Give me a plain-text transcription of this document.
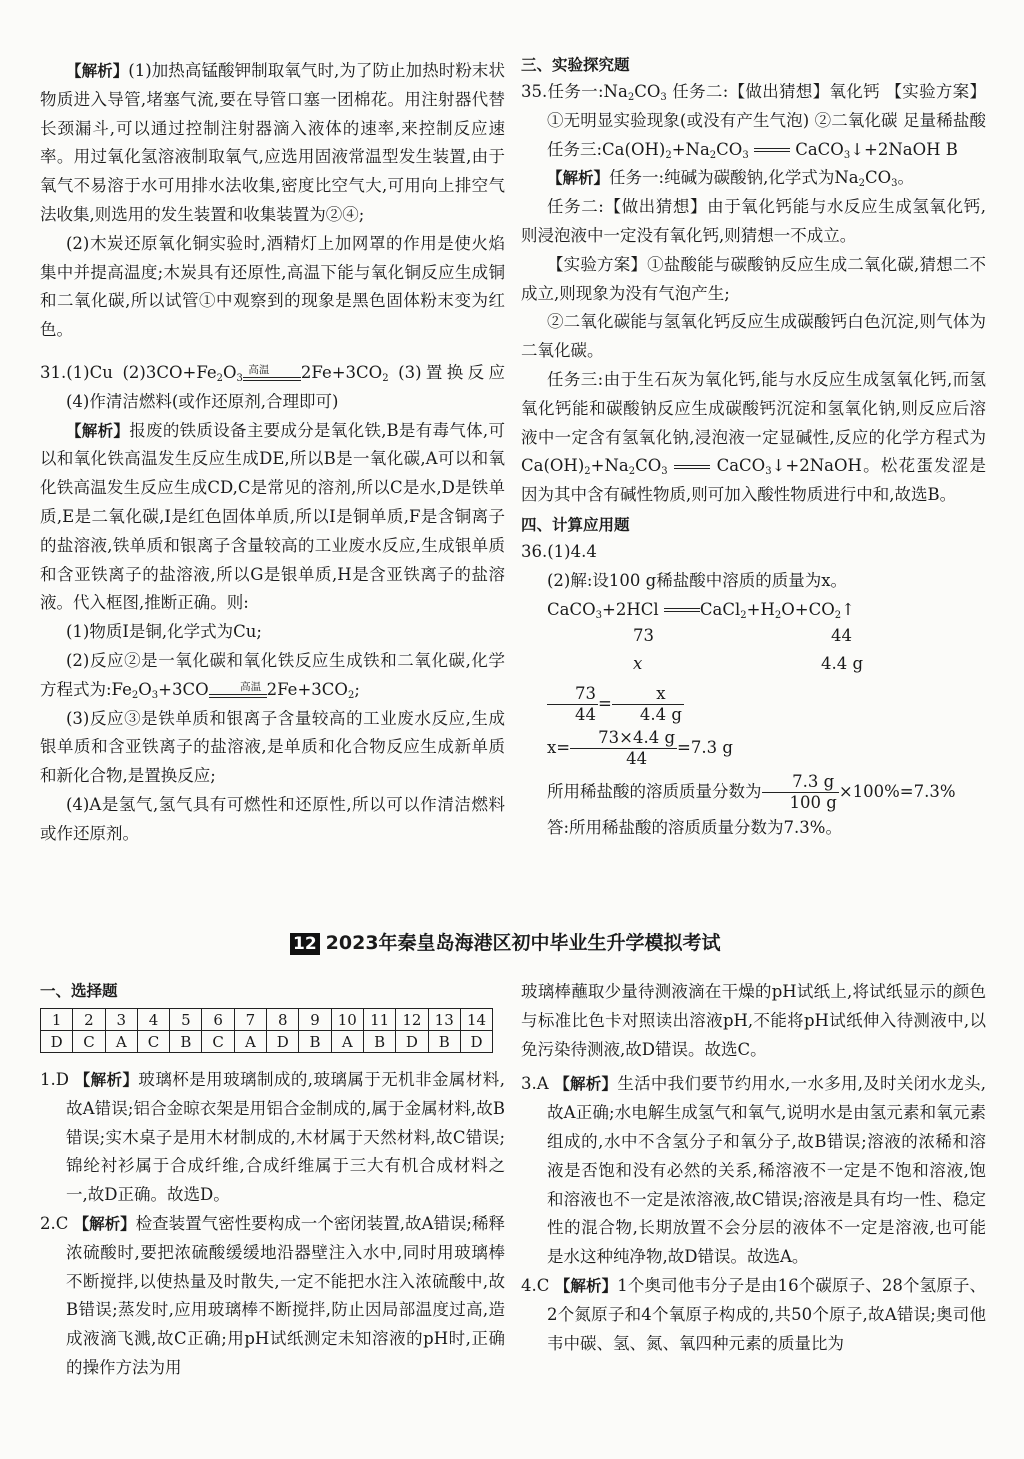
【解析】(1)加热高锰酸钾制取氧气时,为了防止加热时粉末状物质进入导管,堵塞气流,要在导管口塞一团棉花。用注射器代替长颈漏斗,可以通过控制注射器滴入液体的速率,来控制反应速率。用过氧化氢溶液制取氧气,应选用固液常温型发生装置,由于氧气不易溶于水可用排水法收集,密度比空气大,可用向上排空气法收集,则选用的发生装置和收集装置为②④;

(2)木炭还原氧化铜实验时,酒精灯上加网罩的作用是使火焰集中并提高温度;木炭具有还原性,高温下能与氧化铜反应生成铜和二氧化碳,所以试管①中观察到的现象是黑色固体粉末变为红色。

31.(1)Cu $(2)3CO+Fe_2O_3$
高温	$2Fe+3CO_2$ (3)置换反应 (4)作清洁燃料(或作还原剂,合理即可)

【解析】报废的铁质设备主要成分是氧化铁,B是有毒气体,可以和氧化铁高温发生反应生成DE,所以B是一氧化碳,A可以和氧化铁高温发生反应生成CD,C是常见的溶剂,所以C是水,D是铁单质,E是二氧化碳,I是红色固体单质,所以I是铜单质,F是含铜离子的盐溶液,铁单质和银离子含量较高的工业废水反应,生成银单质和含亚铁离子的盐溶液,所以G是银单质,H是含亚铁离子的盐溶液。代入框图,推断正确。则:

(1)物质I是铜,化学式为Cu;

(2)反应②是一氧化碳和氧化铁反应生成铁和二氧化碳,化学方程式为$:Fe_2O_3+3CO$	高温 $2Fe+3CO_2$;

(3)反应③是铁单质和银离子含量较高的工业废水反应,生成银单质和含亚铁离子的盐溶液,是单质和化合物反应生成新单质和新化合物,是置换反应;

(4)A是氢气,氢气具有可燃性和还原性,所以可以作清洁燃料或作还原剂。

三、实验探究题

35.任务一$:Na_2CO_3$ 任务二:【做出猜想】氧化钙 【实验方案】①无明显实验现象(或没有产生气泡) ②二氧化碳 足量稀盐酸 任务三$:Ca(OH)_2+Na_2CO_3$	CaCO$_3$↓+2NaOH B

【解析】任务一:纯碱为碳酸钠,化学式为$Na_2CO_3$。

任务二:【做出猜想】由于氧化钙能与水反应生成氢氧化钙,则浸泡液中一定没有氧化钙,则猜想一不成立。

【实验方案】①盐酸能与碳酸钠反应生成二氧化碳,猜想二不成立,则现象为没有气泡产生;

②二氧化碳能与氢氧化钙反应生成碳酸钙白色沉淀,则气体为二氧化碳。

任务三:由于生石灰为氧化钙,能与水反应生成氢氧化钙,而氢氧化钙能和碳酸钠反应生成碳酸钙沉淀和氢氧化钠,则反应后溶液中一定含有氢氧化钠,浸泡液一定显碱性,反应的化学方程式为$Ca(OH)_2+Na_2CO_3$	CaCO$_3$↓+2NaOH。松花蛋发涩是因为其中含有碱性物质,则可加入酸性物质进行中和,故选B。

四、计算应用题

36.(1)4.4

(2)解:设100 g稀盐酸中溶质的质量为x。

CaCO$_3$+2HCl	$CaCl_2+H_2O+CO_2↑$

73	44
x	4.4 g

$\frac{73}{44} = \frac{x}{4.4 g}$

$x= \frac{73\times 4.4 g}{44} =7.3$ g

所用稀盐酸的溶质质量分数为 $\frac{7.3 g}{100 g} \times 100\%=7.3\%$

答:所用稀盐酸的溶质质量分数为7.3%。

12 2023年秦皇岛海港区初中毕业生升学模拟考试

一、选择题

1	2	3	4	5	6	7	8	9	10	11	12	13	14
D	C	A	C	B	C	A	D	B	A	B	D	B	D

1.D 【解析】玻璃杯是用玻璃制成的,玻璃属于无机非金属材料,故A错误;铝合金晾衣架是用铝合金制成的,属于金属材料,故B错误;实木桌子是用木材制成的,木材属于天然材料,故C错误;锦纶衬衫属于合成纤维,合成纤维属于三大有机合成材料之一,故D正确。故选D。

2.C 【解析】检查装置气密性要构成一个密闭装置,故A错误;稀释浓硫酸时,要把浓硫酸缓缓地沿器壁注入水中,同时用玻璃棒不断搅拌,以使热量及时散失,一定不能把水注入浓硫酸中,故B错误;蒸发时,应用玻璃棒不断搅拌,防止因局部温度过高,造成液滴飞溅,故C正确;用pH试纸测定未知溶液的pH时,正确的操作方法为用

玻璃棒蘸取少量待测液滴在干燥的pH试纸上,将试纸显示的颜色与标准比色卡对照读出溶液pH,不能将pH试纸伸入待测液中,以免污染待测液,故D错误。故选C。

3.A 【解析】生活中我们要节约用水,一水多用,及时关闭水龙头,故A正确;水电解生成氢气和氧气,说明水是由氢元素和氧元素组成的,水中不含氢分子和氧分子,故B错误;溶液的浓稀和溶液是否饱和没有必然的关系,稀溶液不一定是不饱和溶液,饱和溶液也不一定是浓溶液,故C错误;溶液是具有均一性、稳定性的混合物,长期放置不会分层的液体不一定是溶液,也可能是水这种纯净物,故D错误。故选A。

4.C 【解析】1个奥司他韦分子是由16个碳原子、28个氢原子、2个氮原子和4个氧原子构成的,共50个原子,故A错误;奥司他韦中碳、氢、氮、氧四种元素的质量比为
